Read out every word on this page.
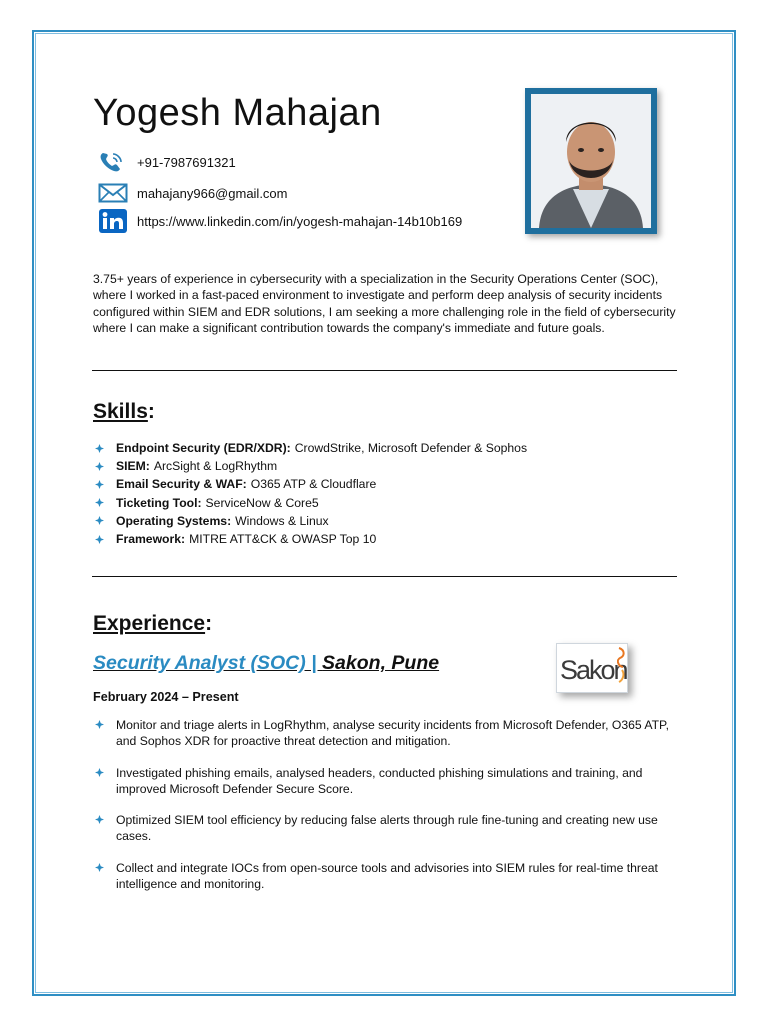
Yogesh Mahajan
+91-7987691321
mahajany966@gmail.com
https://www.linkedin.com/in/yogesh-mahajan-14b10b169

3.75+ years of experience in cybersecurity with a specialization in the Security Operations Center (SOC), where I worked in a fast-paced environment to investigate and perform deep analysis of security incidents configured within SIEM and EDR solutions, I am seeking a more challenging role in the field of cybersecurity where I can make a significant contribution towards the company's immediate and future goals.

Skills:
Endpoint Security (EDR/XDR): CrowdStrike, Microsoft Defender & Sophos
SIEM: ArcSight & LogRhythm
Email Security & WAF: O365 ATP & Cloudflare
Ticketing Tool: ServiceNow & Core5
Operating Systems: Windows & Linux
Framework: MITRE ATT&CK & OWASP Top 10
Experience:
Security Analyst (SOC) | Sakon, Pune	Sakon

February 2024 – Present

Monitor and triage alerts in LogRhythm, analyse security incidents from Microsoft Defender, O365 ATP, and Sophos XDR for proactive threat detection and mitigation.
Investigated phishing emails, analysed headers, conducted phishing simulations and training, and improved Microsoft Defender Secure Score.
Optimized SIEM tool efficiency by reducing false alerts through rule fine-tuning and creating new use cases.
Collect and integrate IOCs from open-source tools and advisories into SIEM rules for real-time threat intelligence and monitoring.
